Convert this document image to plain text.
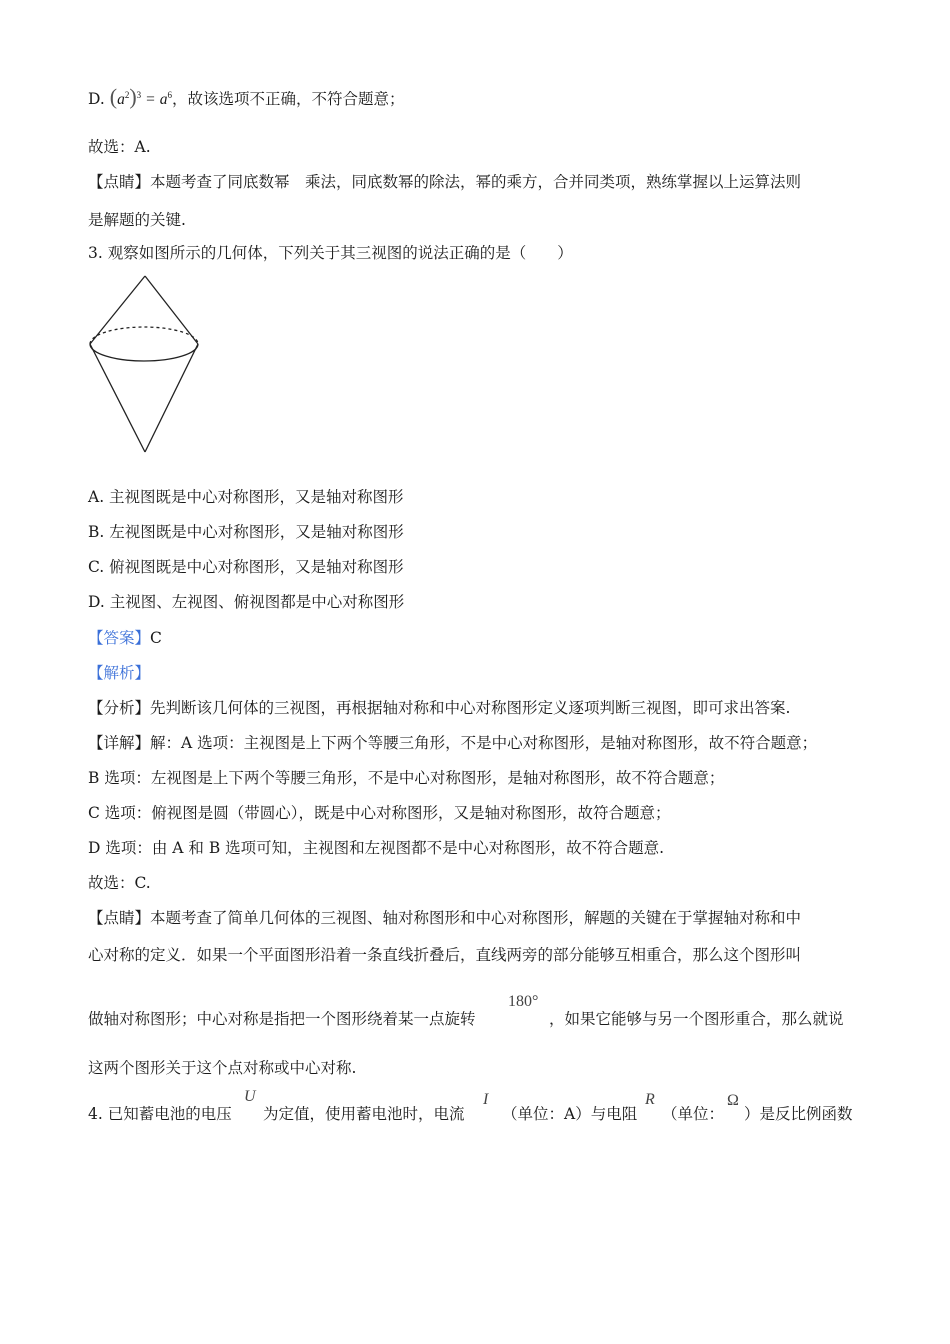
D. $(a^2)^3 = a^6$，故该选项不正确，不符合题意；
故选：A.
【点睛】本题考查了同底数幂　乘法，同底数幂的除法，幂的乘方，合并同类项，熟练掌握以上运算法则
是解题的关键.
3. 观察如图所示的几何体，下列关于其三视图的说法正确的是（　　）
A. 主视图既是中心对称图形，又是轴对称图形
B. 左视图既是中心对称图形，又是轴对称图形
C. 俯视图既是中心对称图形，又是轴对称图形
D. 主视图、左视图、俯视图都是中心对称图形
【答案】C
【解析】
【分析】先判断该几何体的三视图，再根据轴对称和中心对称图形定义逐项判断三视图，即可求出答案.
【详解】解：A 选项：主视图是上下两个等腰三角形，不是中心对称图形，是轴对称图形，故不符合题意；
B 选项：左视图是上下两个等腰三角形，不是中心对称图形，是轴对称图形，故不符合题意；
C 选项：俯视图是圆（带圆心），既是中心对称图形，又是轴对称图形，故符合题意；
D 选项：由 A 和 B 选项可知，主视图和左视图都不是中心对称图形，故不符合题意.
故选：C.
【点睛】本题考查了简单几何体的三视图、轴对称图形和中心对称图形，解题的关键在于掌握轴对称和中
心对称的定义．如果一个平面图形沿着一条直线折叠后，直线两旁的部分能够互相重合，那么这个图形叫
做轴对称图形；中心对称是指把一个图形绕着某一点旋转
180°
，如果它能够与另一个图形重合，那么就说
这两个图形关于这个点对称或中心对称.
4. 已知蓄电池的电压
U
为定值，使用蓄电池时，电流
I
（单位：A）与电阻
R
（单位：
Ω
）是反比例函数
